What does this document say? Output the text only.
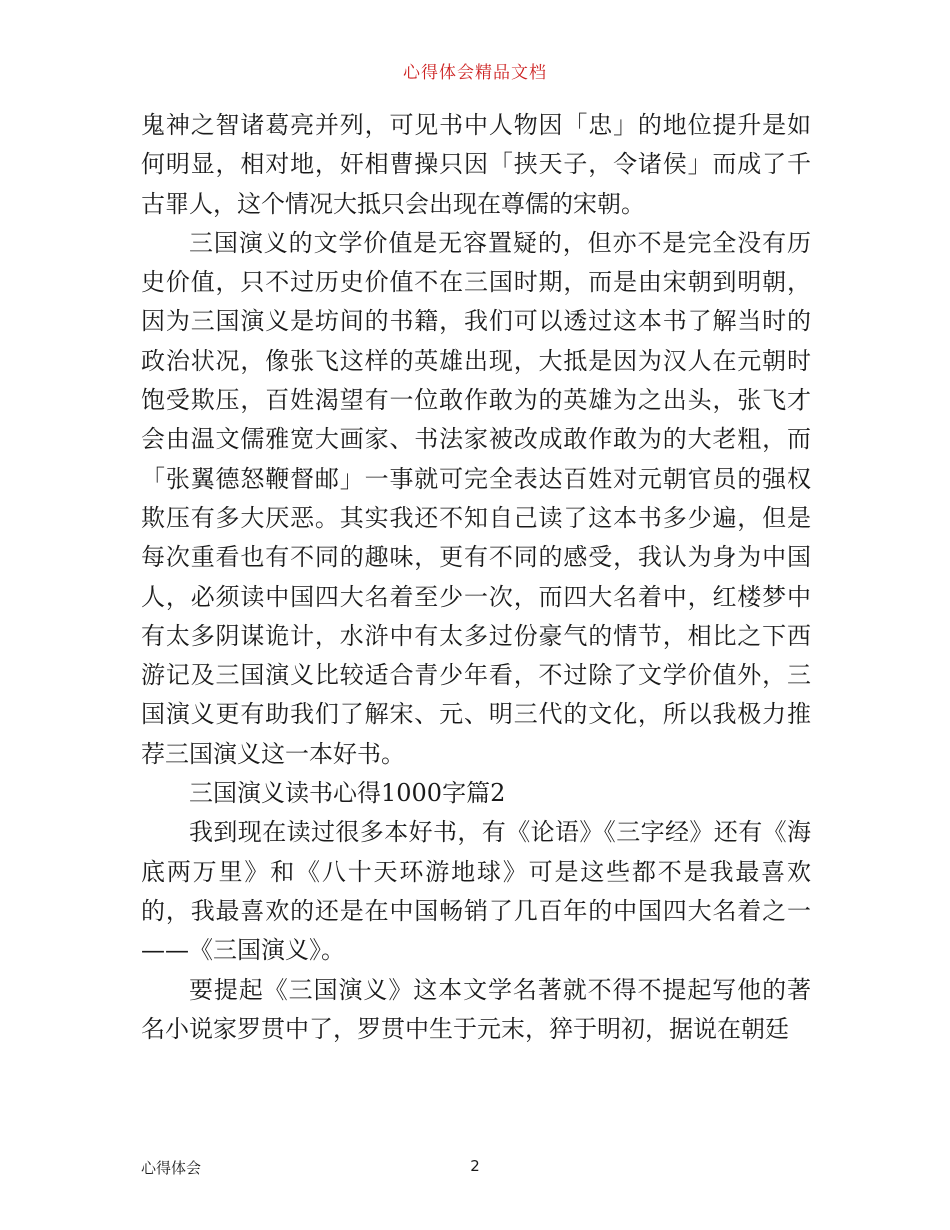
心得体会精品文档

鬼神之智诸葛亮并列，可见书中人物因「忠」的地位提升是如何明显，相对地，奸相曹操只因「挟天子，令诸侯」而成了千古罪人，这个情况大抵只会出现在尊儒的宋朝。

三国演义的文学价值是无容置疑的，但亦不是完全没有历史价值，只不过历史价值不在三国时期，而是由宋朝到明朝，因为三国演义是坊间的书籍，我们可以透过这本书了解当时的政治状况，像张飞这样的英雄出现，大抵是因为汉人在元朝时饱受欺压，百姓渴望有一位敢作敢为的英雄为之出头，张飞才会由温文儒雅宽大画家、书法家被改成敢作敢为的大老粗，而「张翼德怒鞭督邮」一事就可完全表达百姓对元朝官员的强权欺压有多大厌恶。其实我还不知自己读了这本书多少遍，但是每次重看也有不同的趣味，更有不同的感受，我认为身为中国人，必须读中国四大名着至少一次，而四大名着中，红楼梦中有太多阴谋诡计，水浒中有太多过份豪气的情节，相比之下西游记及三国演义比较适合青少年看，不过除了文学价值外，三国演义更有助我们了解宋、元、明三代的文化，所以我极力推荐三国演义这一本好书。

三国演义读书心得1000字篇2

我到现在读过很多本好书，有《论语》《三字经》还有《海底两万里》和《八十天环游地球》可是这些都不是我最喜欢的，我最喜欢的还是在中国畅销了几百年的中国四大名着之一——《三国演义》。

要提起《三国演义》这本文学名著就不得不提起写他的著名小说家罗贯中了，罗贯中生于元末，猝于明初，据说在朝廷

心得体会	2
